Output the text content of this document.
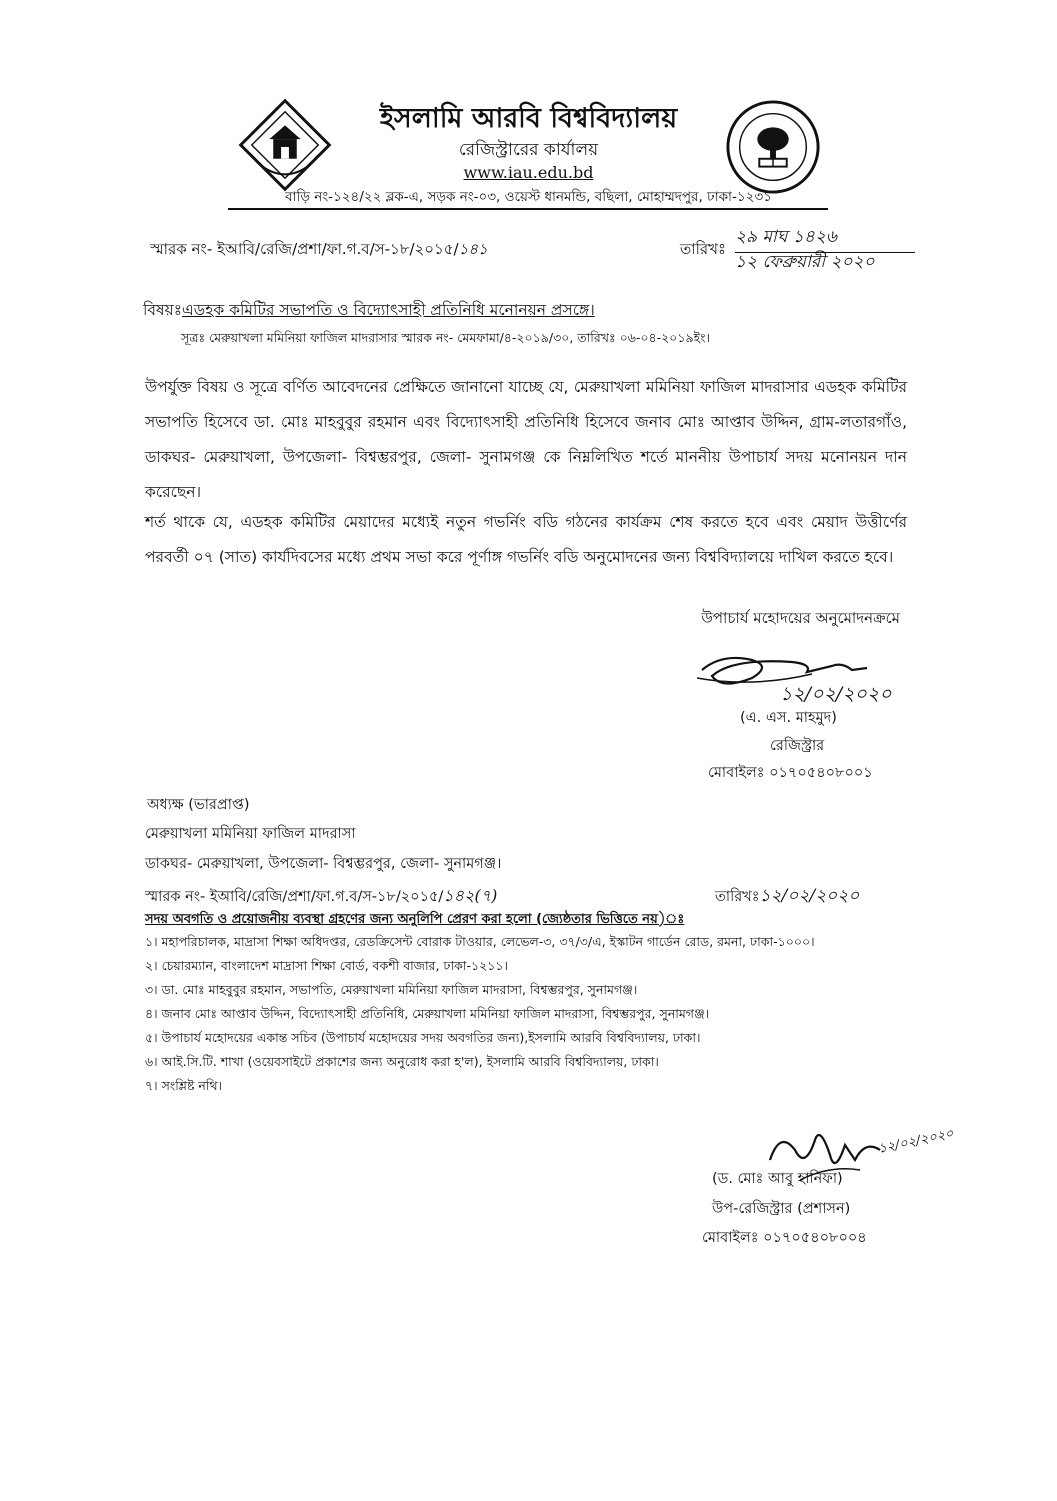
ইসলামি আরবি বিশ্ববিদ্যালয়
রেজিস্ট্রারের কার্যালয়
www.iau.edu.bd
বাড়ি নং-১২৪/২২ ব্লক-এ, সড়ক নং-০৩, ওয়েস্ট ধানমন্ডি, বছিলা, মোহাম্মদপুর, ঢাকা-১২৩১
স্মারক নং- ইআবি/রেজি/প্রশা/ফা.গ.ব/স-১৮/২০১৫/১৪১	তারিখঃ
২৯ মাঘ ১৪২৬
১২ ফেব্রুয়ারী ২০২০
বিষয়ঃএডহক কমিটির সভাপতি ও বিদ্যোৎসাহী প্রতিনিধি মনোনয়ন প্রসঙ্গে।
সূত্রঃ মেরুয়াখলা মমিনিয়া ফাজিল মাদরাসার স্মারক নং- মেমফামা/৪-২০১৯/৩০, তারিখঃ ০৬-০৪-২০১৯ইং।
উপর্যুক্ত বিষয় ও সূত্রে বর্ণিত আবেদনের প্রেক্ষিতে জানানো যাচ্ছে যে, মেরুয়াখলা মমিনিয়া ফাজিল মাদরাসার এডহক কমিটির সভাপতি হিসেবে ডা. মোঃ মাহবুবুর রহমান এবং বিদ্যোৎসাহী প্রতিনিধি হিসেবে জনাব মোঃ আপ্তাব উদ্দিন, গ্রাম-লতারগাঁও, ডাকঘর- মেরুয়াখলা, উপজেলা- বিশ্বম্ভরপুর, জেলা- সুনামগঞ্জ কে নিম্নলিখিত শর্তে মাননীয় উপাচার্য সদয় মনোনয়ন দান করেছেন।
শর্ত থাকে যে, এডহক কমিটির মেয়াদের মধ্যেই নতুন গভর্নিং বডি গঠনের কার্যক্রম শেষ করতে হবে এবং মেয়াদ উত্তীর্ণের পরবর্তী ০৭ (সাত) কার্যদিবসের মধ্যে প্রথম সভা করে পূর্ণাঙ্গ গভর্নিং বডি অনুমোদনের জন্য বিশ্ববিদ্যালয়ে দাখিল করতে হবে।
উপাচার্য মহোদয়ের অনুমোদনক্রমে
১২/০২/২০২০
(এ. এস. মাহমুদ)
রেজিস্ট্রার
মোবাইলঃ ০১৭০৫৪০৮০০১
অধ্যক্ষ (ভারপ্রাপ্ত)
মেরুয়াখলা মমিনিয়া ফাজিল মাদরাসা
ডাকঘর- মেরুয়াখলা, উপজেলা- বিশ্বম্ভরপুর, জেলা- সুনামগঞ্জ।
স্মারক নং- ইআবি/রেজি/প্রশা/ফা.গ.ব/স-১৮/২০১৫/১৪২(৭)	তারিখঃ১২/০২/২০২০
সদয় অবগতি ও প্রয়োজনীয় ব্যবস্থা গ্রহণের জন্য অনুলিপি প্রেরণ করা হলো (জ্যেষ্ঠতার ভিত্তিতে নয়)ঃ
১। মহাপরিচালক, মাদ্রাসা শিক্ষা অধিদপ্তর, রেডক্রিসেন্ট বোরাক টাওয়ার, লেভেল-৩, ৩৭/৩/এ, ইস্কাটন গার্ডেন রোড, রমনা, ঢাকা-১০০০।
২। চেয়ারম্যান, বাংলাদেশ মাদ্রাসা শিক্ষা বোর্ড, বকশী বাজার, ঢাকা-১২১১।
৩। ডা. মোঃ মাহবুবুর রহমান, সভাপতি, মেরুয়াখলা মমিনিয়া ফাজিল মাদরাসা, বিশ্বম্ভরপুর, সুনামগঞ্জ।
৪। জনাব মোঃ আপ্তাব উদ্দিন, বিদ্যোৎসাহী প্রতিনিধি, মেরুয়াখলা মমিনিয়া ফাজিল মাদরাসা, বিশ্বম্ভরপুর, সুনামগঞ্জ।
৫। উপাচার্য মহোদয়ের একান্ত সচিব (উপাচার্য মহোদয়ের সদয় অবগতির জন্য),ইসলামি আরবি বিশ্ববিদ্যালয়, ঢাকা।
৬। আই.সি.টি. শাখা (ওয়েবসাইটে প্রকাশের জন্য অনুরোধ করা হ'ল), ইসলামি আরবি বিশ্ববিদ্যালয়, ঢাকা।
৭। সংশ্লিষ্ট নথি।
১২/০২/২০২০
(ড. মোঃ আবু হানিফা)
উপ-রেজিস্ট্রার (প্রশাসন)
মোবাইলঃ ০১৭০৫৪০৮০০৪
